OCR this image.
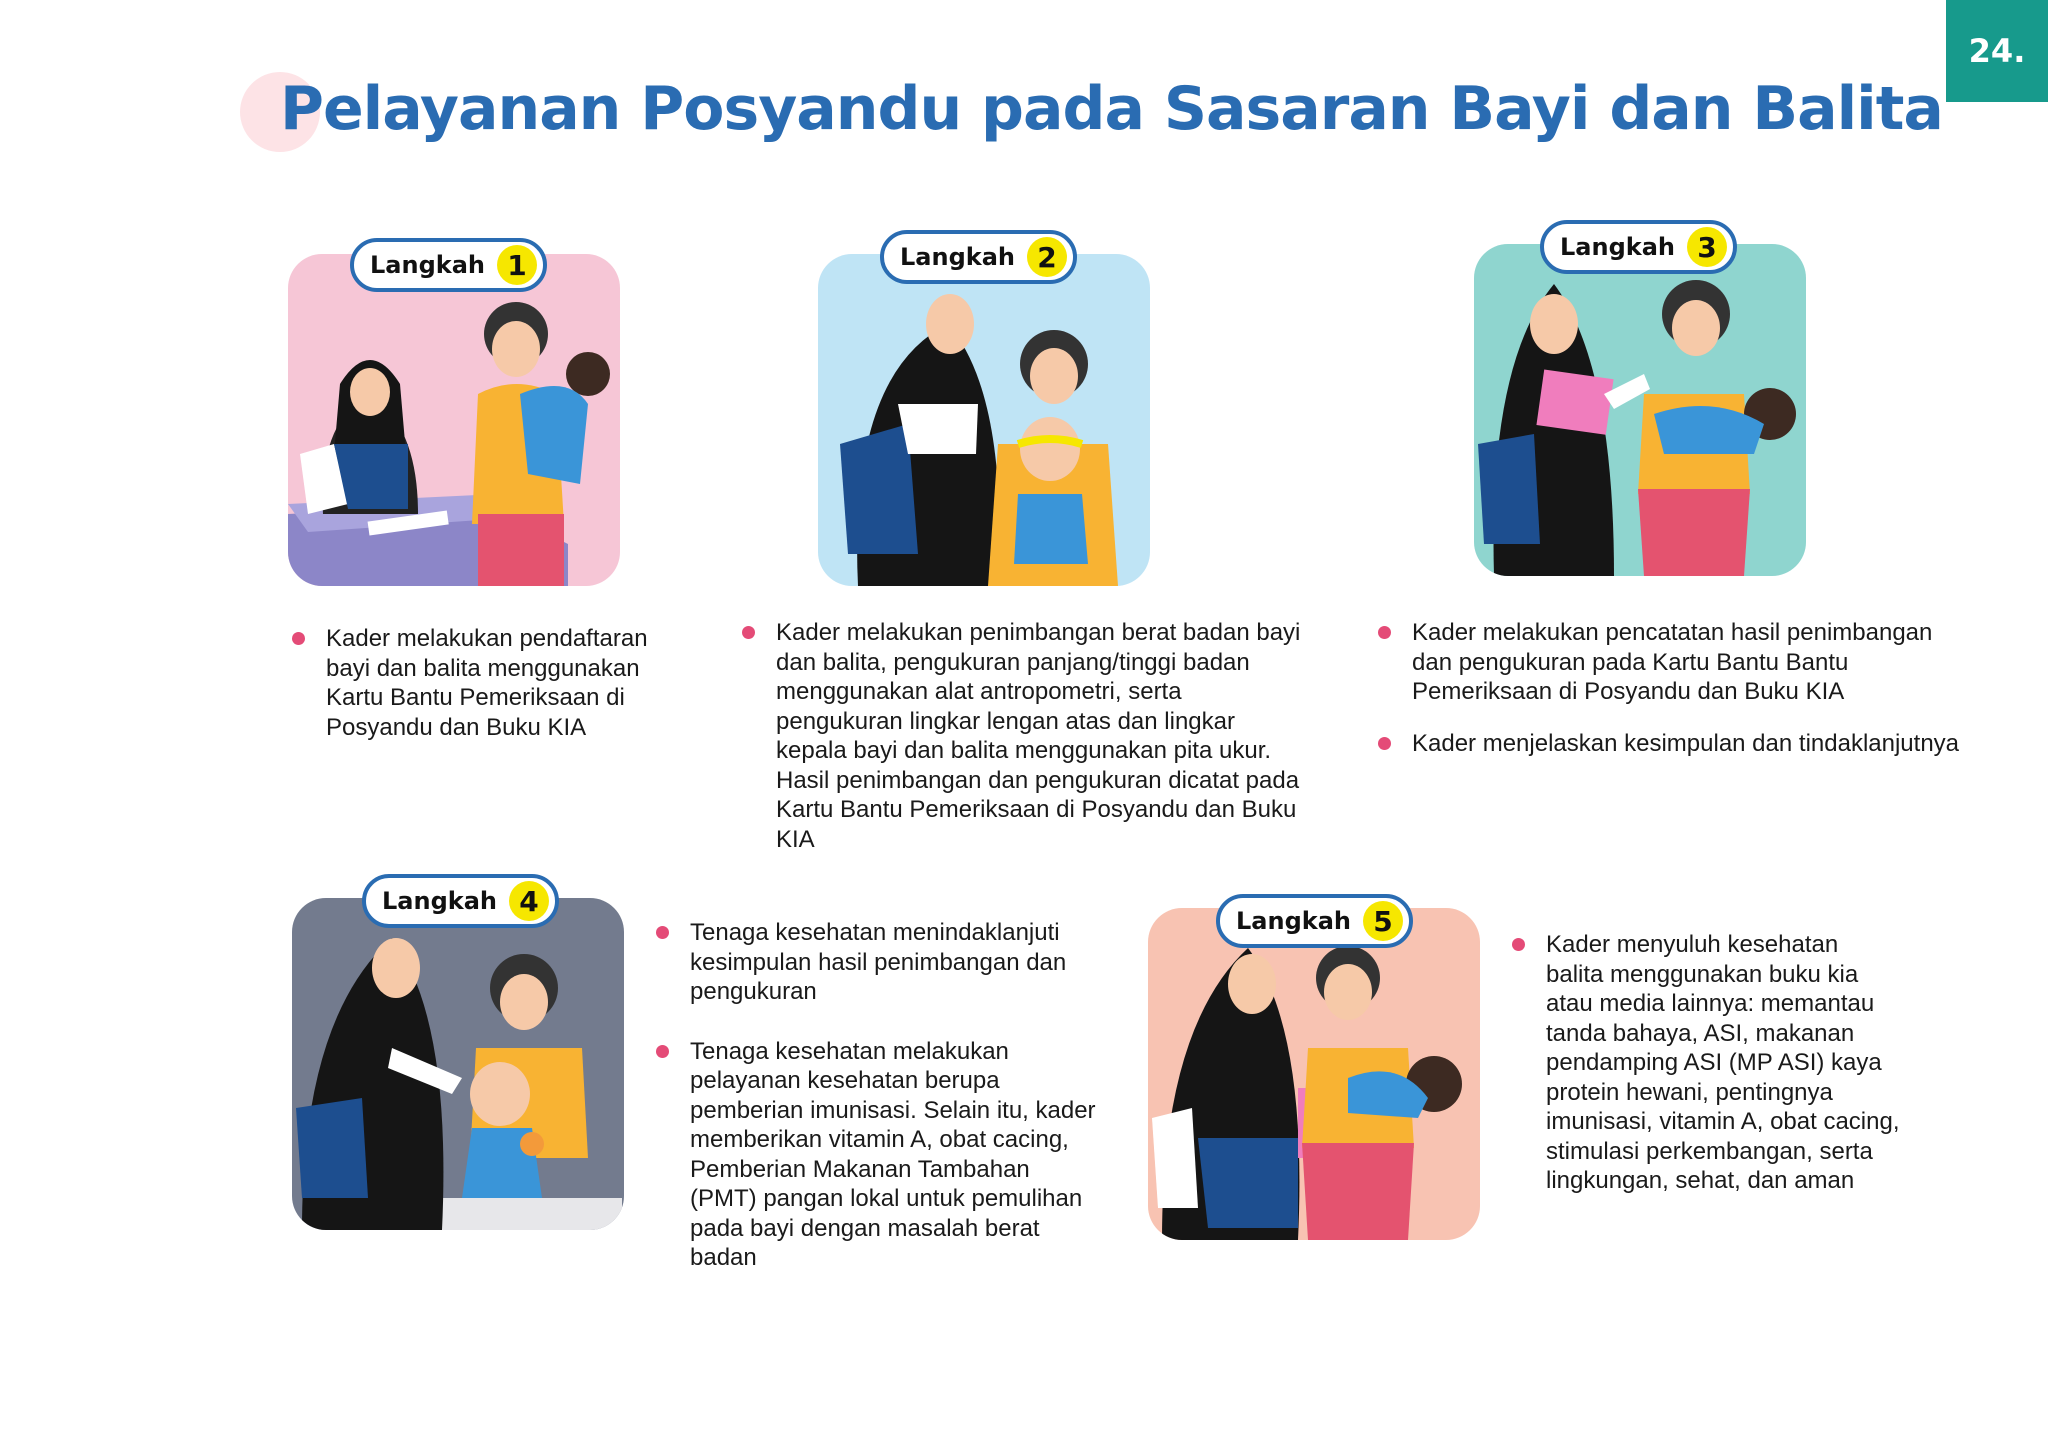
24.
Pelayanan Posyandu pada Sasaran Bayi dan Balita
Langkah 1
Kader melakukan pendaftaran bayi dan balita menggunakan Kartu Bantu Pemeriksaan di Posyandu dan Buku KIA
Langkah 2
Kader melakukan penimbangan berat badan bayi dan balita, pengukuran panjang/tinggi badan menggunakan alat antropometri, serta pengukuran lingkar lengan atas dan lingkar kepala bayi dan balita menggunakan pita ukur. Hasil penimbangan dan pengukuran dicatat pada Kartu Bantu Pemeriksaan di Posyandu dan Buku KIA
Langkah 3
Kader melakukan pencatatan hasil penimbangan dan pengukuran pada Kartu Bantu Bantu Pemeriksaan di Posyandu dan Buku KIA
Kader menjelaskan kesimpulan dan tindaklanjutnya
Langkah 4
Tenaga kesehatan menindaklanjuti kesimpulan hasil penimbangan dan pengukuran
Tenaga kesehatan melakukan pelayanan kesehatan berupa pemberian imunisasi. Selain itu, kader memberikan vitamin A, obat cacing, Pemberian Makanan Tambahan (PMT) pangan lokal untuk pemulihan pada bayi dengan masalah berat badan
Langkah 5
Kader menyuluh kesehatan balita menggunakan buku kia atau media lainnya: memantau tanda bahaya, ASI, makanan pendamping ASI (MP ASI) kaya protein hewani, pentingnya imunisasi, vitamin A, obat cacing, stimulasi perkembangan, serta lingkungan, sehat, dan aman
